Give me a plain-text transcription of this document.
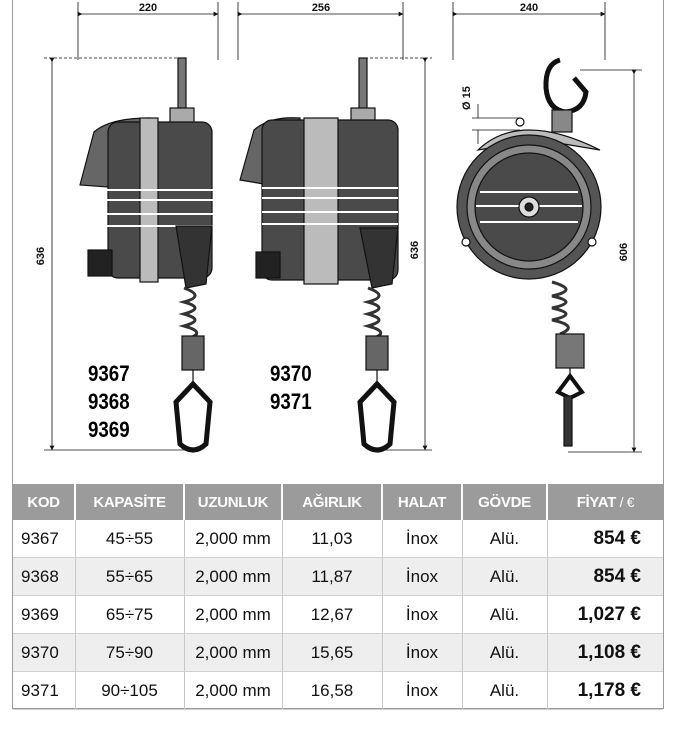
220	256	240
636	636	606
Ø 15
9367
9368
9369
9370
9371
KOD	KAPASİTE	UZUNLUK	AĞIRLIK	HALAT	GÖVDE	FİYAT / €
9367	45÷55	2,000 mm	11,03	İnox	Alü.	854 €
9368	55÷65	2,000 mm	11,87	İnox	Alü.	854 €
9369	65÷75	2,000 mm	12,67	İnox	Alü.	1,027 €
9370	75÷90	2,000 mm	15,65	İnox	Alü.	1,108 €
9371	90÷105	2,000 mm	16,58	İnox	Alü.	1,178 €
